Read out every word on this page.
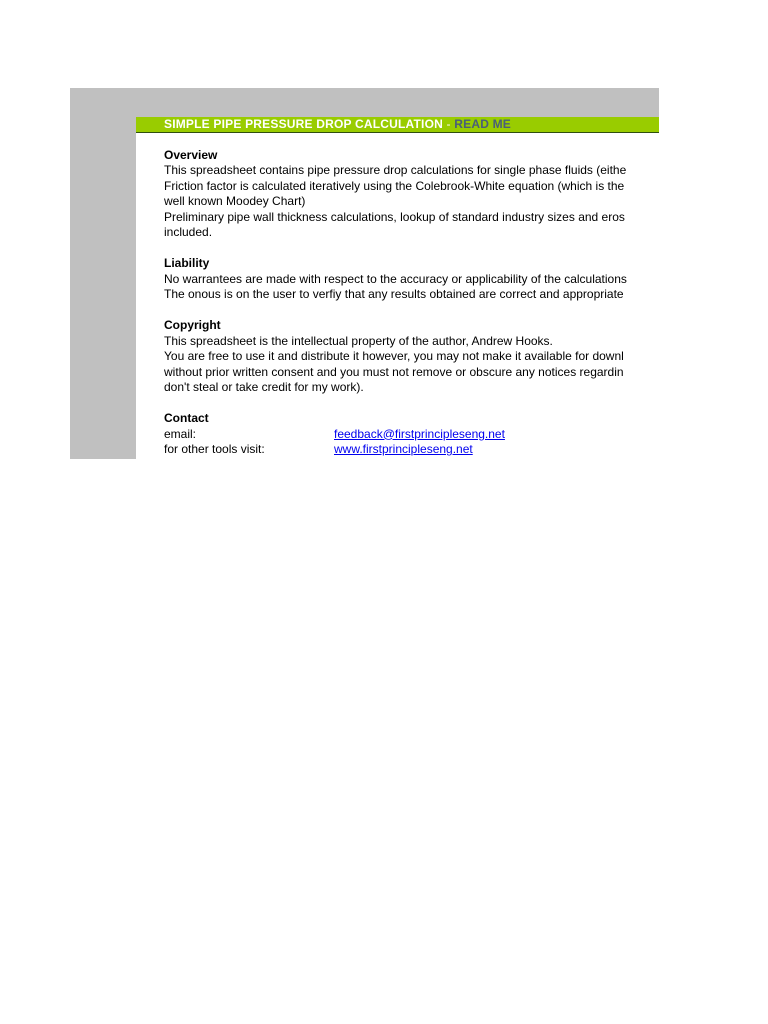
SIMPLE PIPE PRESSURE DROP CALCULATION - READ ME
Overview
This spreadsheet contains pipe pressure drop calculations for single phase fluids (eithe
Friction factor is calculated iteratively using the Colebrook-White equation (which is the
well known Moodey Chart)
Preliminary pipe wall thickness calculations, lookup of standard industry sizes and eros
included.
Liability
No warrantees are made with respect to the accuracy or applicability of the calculations
The onous is on the user to verfiy that any results obtained are correct and appropriate
Copyright
This spreadsheet is the intellectual property of the author, Andrew Hooks.
You are free to use it and distribute it however, you may not make it available for downl
without prior written consent and you must not remove or obscure any notices regardin
don't steal or take credit for my work).
Contact
email:	feedback@firstprincipleseng.net
for other tools visit:	www.firstprincipleseng.net
